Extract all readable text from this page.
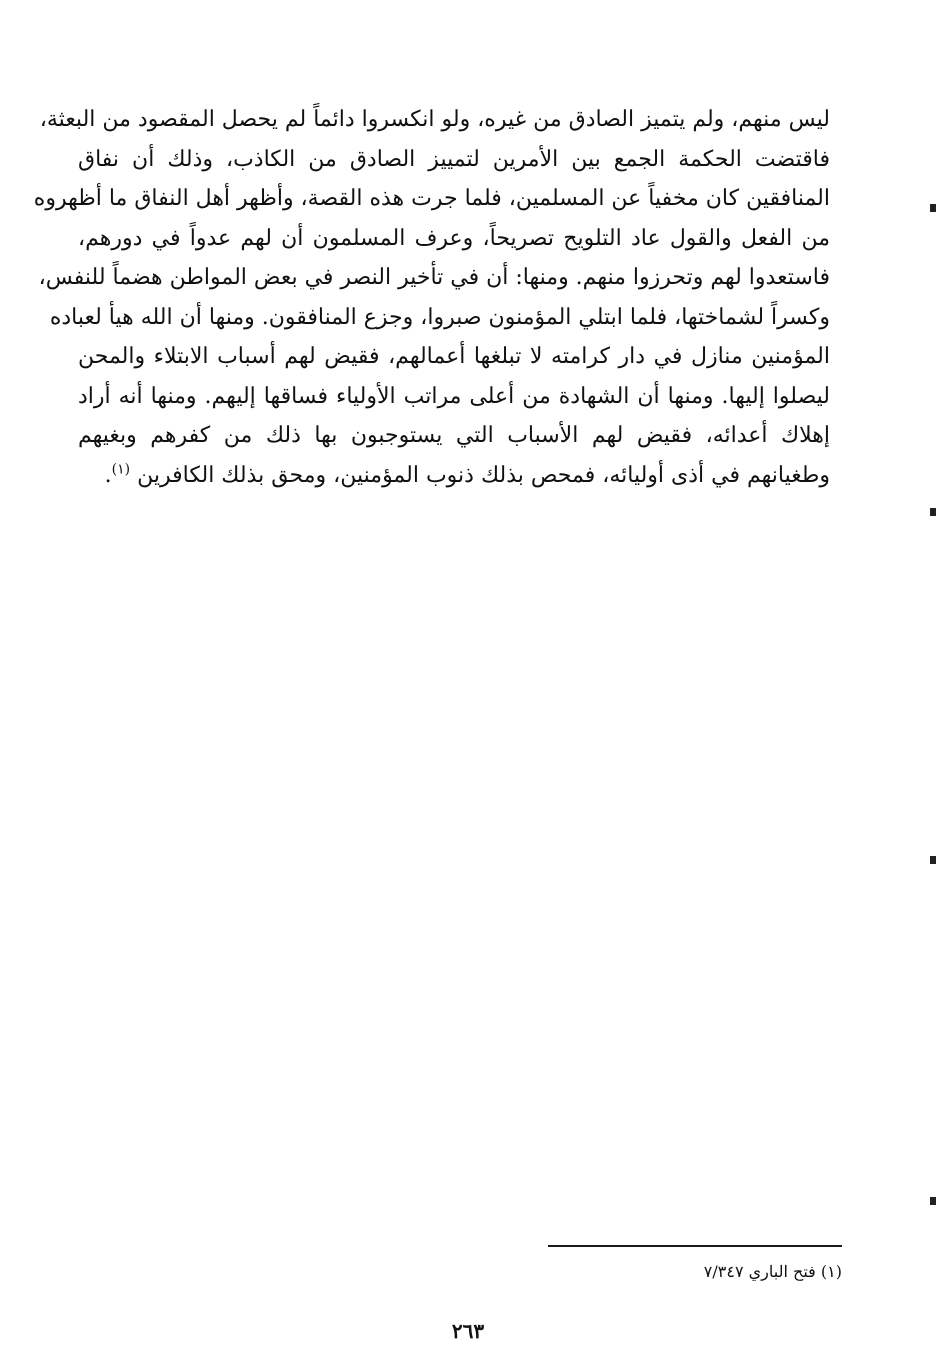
ليس منهم، ولم يتميز الصادق من غيره، ولو انكسروا دائماً لم يحصل المقصود من البعثة،
فاقتضت الحكمة الجمع بين الأمرين لتمييز الصادق من الكاذب، وذلك أن نفاق
المنافقين كان مخفياً عن المسلمين، فلما جرت هذه القصة، وأظهر أهل النفاق ما أظهروه
من الفعل والقول عاد التلويح تصريحاً، وعرف المسلمون أن لهم عدواً في دورهم،
فاستعدوا لهم وتحرزوا منهم. ومنها: أن في تأخير النصر في بعض المواطن هضماً للنفس،
وكسراً لشماختها، فلما ابتلي المؤمنون صبروا، وجزع المنافقون. ومنها أن الله هيأ لعباده
المؤمنين منازل في دار كرامته لا تبلغها أعمالهم، فقيض لهم أسباب الابتلاء والمحن
ليصلوا إليها. ومنها أن الشهادة من أعلى مراتب الأولياء فساقها إليهم. ومنها أنه أراد
إهلاك أعدائه، فقيض لهم الأسباب التي يستوجبون بها ذلك من كفرهم وبغيهم
وطغيانهم في أذى أوليائه، فمحص بذلك ذنوب المؤمنين، ومحق بذلك الكافرين $^{(١)}$.
(١) فتح الباري ٧/٣٤٧
٢٦٣
